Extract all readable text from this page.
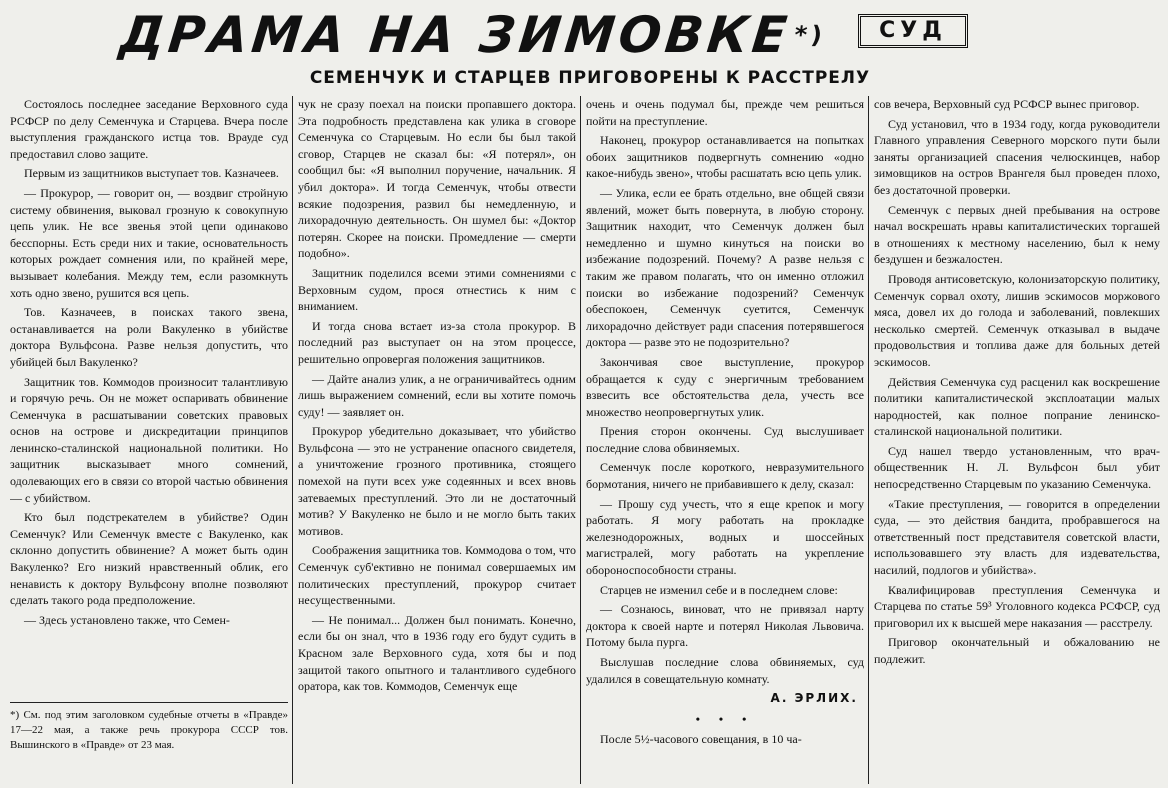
ДРАМА НА ЗИМОВКЕ*)	СУД
СЕМЕНЧУК И СТАРЦЕВ ПРИГОВОРЕНЫ К РАССТРЕЛУ

Состоялось последнее заседание Верховного суда РСФСР по делу Семенчука и Старцева. Вчера после выступления гражданского истца тов. Враудe суд предоставил слово защите.

Первым из защитников выступает тов. Казначеев.

— Прокурор, — говорит он, — воздвиг стройную систему обвинения, выковал грозную к совокупную цепь улик. Не все звенья этой цепи одинаково бесспорны. Есть среди них и такие, основательность которых рождает сомнения или, по крайней мере, вызывает колебания. Между тем, если разомкнуть хоть одно звено, рушится вся цепь.

Тов. Казначеев, в поисках такого звена, останавливается на роли Вакуленко в убийстве доктора Вульфсона. Разве нельзя допустить, что убийцей был Вакуленко?

Защитник тов. Коммодов произносит талантливую и горячую речь. Он не может оспаривать обвинение Семенчука в расшатывании советских правовых основ на острове и дискредитации принципов ленинско-сталинской национальной политики. Но защитник высказывает много сомнений, одолевающих его в связи со второй частью обвинения — с убийством.

Кто был подстрекателем в убийстве? Один Семенчук? Или Семенчук вместе с Вакуленко, как склонно допустить обвинение? А может быть один Вакуленко? Его низкий нравственный облик, его ненависть к доктору Вульфсону вполне позволяют сделать такого рода предположение.

— Здесь установлено также, что Семен-

*) См. под этим заголовком судебные отчеты в «Правде» 17—22 мая, а также речь прокурора СССР тов. Вышинского в «Правде» от 23 мая.

чук не сразу поехал на поиски пропавшего доктора. Эта подробность представлена как улика в сговоре Семенчука со Старцевым. Но если бы был такой сговор, Старцев не сказал бы: «Я потерял», он сообщил бы: «Я выполнил поручение, начальник. Я убил доктора». И тогда Семенчук, чтобы отвести всякие подозрения, развил бы немедленную, и лихорадочную деятельность. Он шумел бы: «Доктор потерян. Скорее на поиски. Промедление — смерти подобно».

Защитник поделился всеми этими сомнениями с Верховным судом, прося отнестись к ним с вниманием.

И тогда снова встает из-за стола прокурор. В последний раз выступает он на этом процессе, решительно опровергая положения защитников.

— Дайте анализ улик, а не ограничивайтесь одним лишь выражением сомнений, если вы хотите помочь суду! — заявляет он.

Прокурор убедительно доказывает, что убийство Вульфсона — это не устранение опасного свидетеля, а уничтожение грозного противника, стоящего помехой на пути всех уже содеянных и всех вновь затеваемых преступлений. Это ли не достаточный мотив? У Вакуленко не было и не могло быть таких мотивов.

Соображения защитника тов. Коммодова о том, что Семенчук суб'ективно не понимал совершаемых им политических преступлений, прокурор считает несущественными.

— Не понимал... Должен был понимать. Конечно, если бы он знал, что в 1936 году его будут судить в Красном зале Верховного суда, хотя бы и под защитой такого опытного и талантливого судебного оратора, как тов. Коммодов, Семенчук еще

очень и очень подумал бы, прежде чем решиться пойти на преступление.

Наконец, прокурор останавливается на попытках обоих защитников подвергнуть сомнению «одно какое-нибудь звено», чтобы расшатать всю цепь улик.

— Улика, если ее брать отдельно, вне общей связи явлений, может быть повернута, в любую сторону. Защитник находит, что Семенчук должен был немедленно и шумно кинуться на поиски во избежание подозрений. Почему? А разве нельзя с таким же правом полагать, что он именно отложил поиски во избежание подозрений? Семенчук обеспокоен, Семенчук суетится, Семенчук лихорадочно действует ради спасения потерявшегося доктора — разве это не подозрительно?

Закончивая свое выступление, прокурор обращается к суду с энергичным требованием взвесить все обстоятельства дела, учесть все множество неопровергнутых улик.

Прения сторон окончены. Суд выслушивает последние слова обвиняемых.

Семенчук после короткого, невразумительного бормотания, ничего не прибавившего к делу, сказал:

— Прошу суд учесть, что я еще крепок и могу работать. Я могу работать на прокладке железнодорожных, водных и шоссейных магистралей, могу работать на укрепление обороноспособности страны.

Старцев не изменил себе и в последнем слове:

— Сознаюсь, виноват, что не привязал нарту доктора к своей нарте и потерял Николая Львовича. Потому была пурга.

Выслушав последние слова обвиняемых, суд удалился в совещательную комнату.

А. ЭРЛИХ.
• • •

После 5½-часового совещания, в 10 ча-

сов вечера, Верховный суд РСФСР вынес приговор.

Суд установил, что в 1934 году, когда руководители Главного управления Северного морского пути были заняты организацией спасения челюскинцев, набор зимовщиков на остров Врангеля был проведен плохо, без достаточной проверки.

Семенчук с первых дней пребывания на острове начал воскрешать нравы капиталистических торгашей в отношениях к местному населению, был к нему бездушен и безжалостен.

Проводя антисоветскую, колонизаторскую политику, Семенчук сорвал охоту, лишив эскимосов моржового мяса, довел их до голода и заболеваний, повлекших несколько смертей. Семенчук отказывал в выдаче продовольствия и топлива даже для больных детей эскимосов.

Действия Семенчука суд расценил как воскрешение политики капиталистической эксплоатации малых народностей, как полное попрание ленинско-сталинской национальной политики.

Суд нашел твердо установленным, что врач-общественник Н. Л. Вульфсон был убит непосредственно Старцевым по указанию Семенчука.

«Такие преступления, — говорится в определении суда, — это действия бандита, пробравшегося на ответственный пост представителя советской власти, использовавшего эту власть для издевательства, насилий, подлогов и убийства».

Квалифицировав преступления Семенчука и Старцева по статье 59³ Уголовного кодекса РСФСР, суд приговорил их к высшей мере наказания — расстрелу.

Приговор окончательный и обжалованию не подлежит.
